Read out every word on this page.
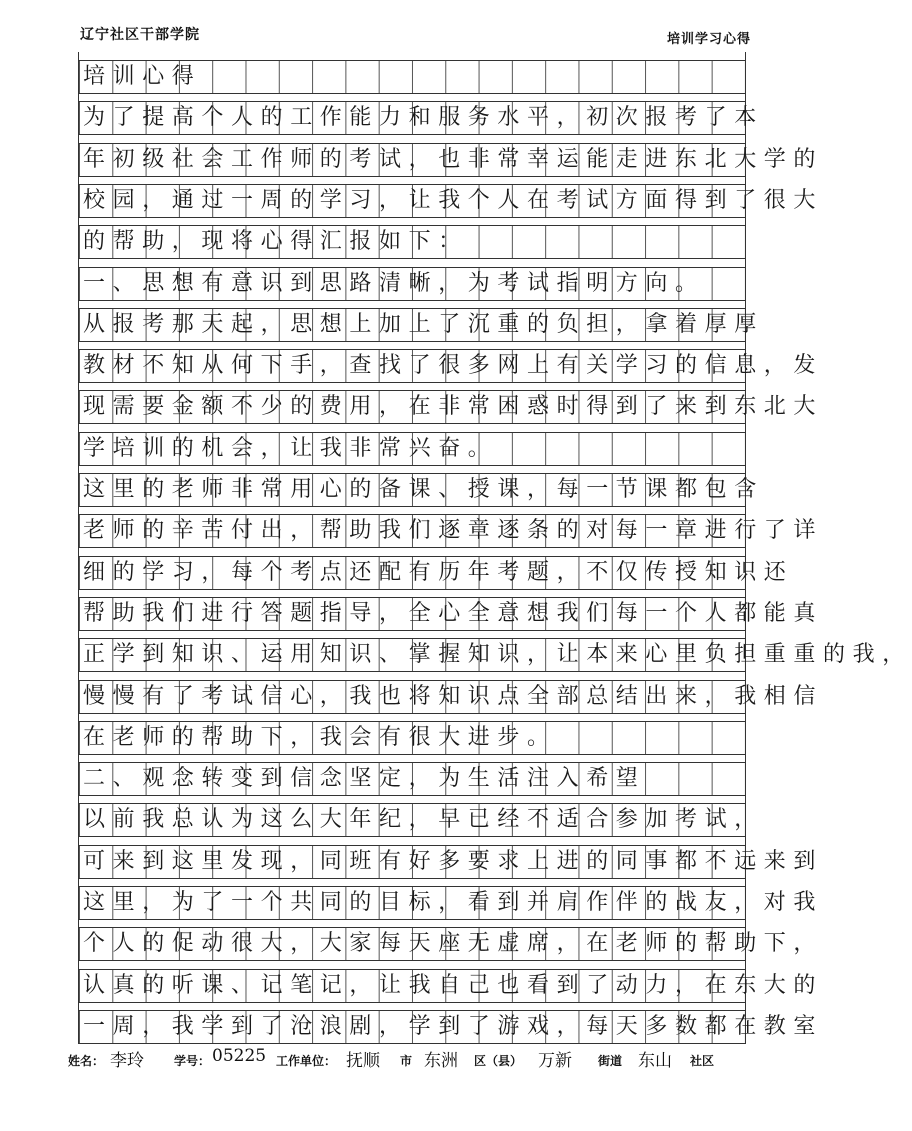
辽宁社区干部学院	培训学习心得
培训心得
为了提高个人的工作能力和服务水平，初次报考了本
年初级社会工作师的考试，也非常幸运能走进东北大学的
校园，通过一周的学习，让我个人在考试方面得到了很大
的帮助，现将心得汇报如下：
一、思想有意识到思路清晰，为考试指明方向。
从报考那天起，思想上加上了沉重的负担，拿着厚厚
教材不知从何下手，查找了很多网上有关学习的信息，发
现需要金额不少的费用，在非常困惑时得到了来到东北大
学培训的机会，让我非常兴奋。
这里的老师非常用心的备课、授课，每一节课都包含
老师的辛苦付出，帮助我们逐章逐条的对每一章进行了详
细的学习，每个考点还配有历年考题，不仅传授知识还
帮助我们进行答题指导，全心全意想我们每一个人都能真
正学到知识、运用知识、掌握知识，让本来心里负担重重的我，
慢慢有了考试信心，我也将知识点全部总结出来，我相信
在老师的帮助下，我会有很大进步。
二、观念转变到信念坚定，为生活注入希望
以前我总认为这么大年纪，早已经不适合参加考试，
可来到这里发现，同班有好多要求上进的同事都不远来到
这里，为了一个共同的目标，看到并肩作伴的战友，对我
个人的促动很大，大家每天座无虚席，在老师的帮助下，
认真的听课、记笔记，让我自己也看到了动力，在东大的
一周，我学到了沧浪剧，学到了游戏，每天多数都在教室
姓名： 李玲	学号： 05225 工作单位： 抚顺 市 东洲 区（县） 万新 街道 东山 社区
